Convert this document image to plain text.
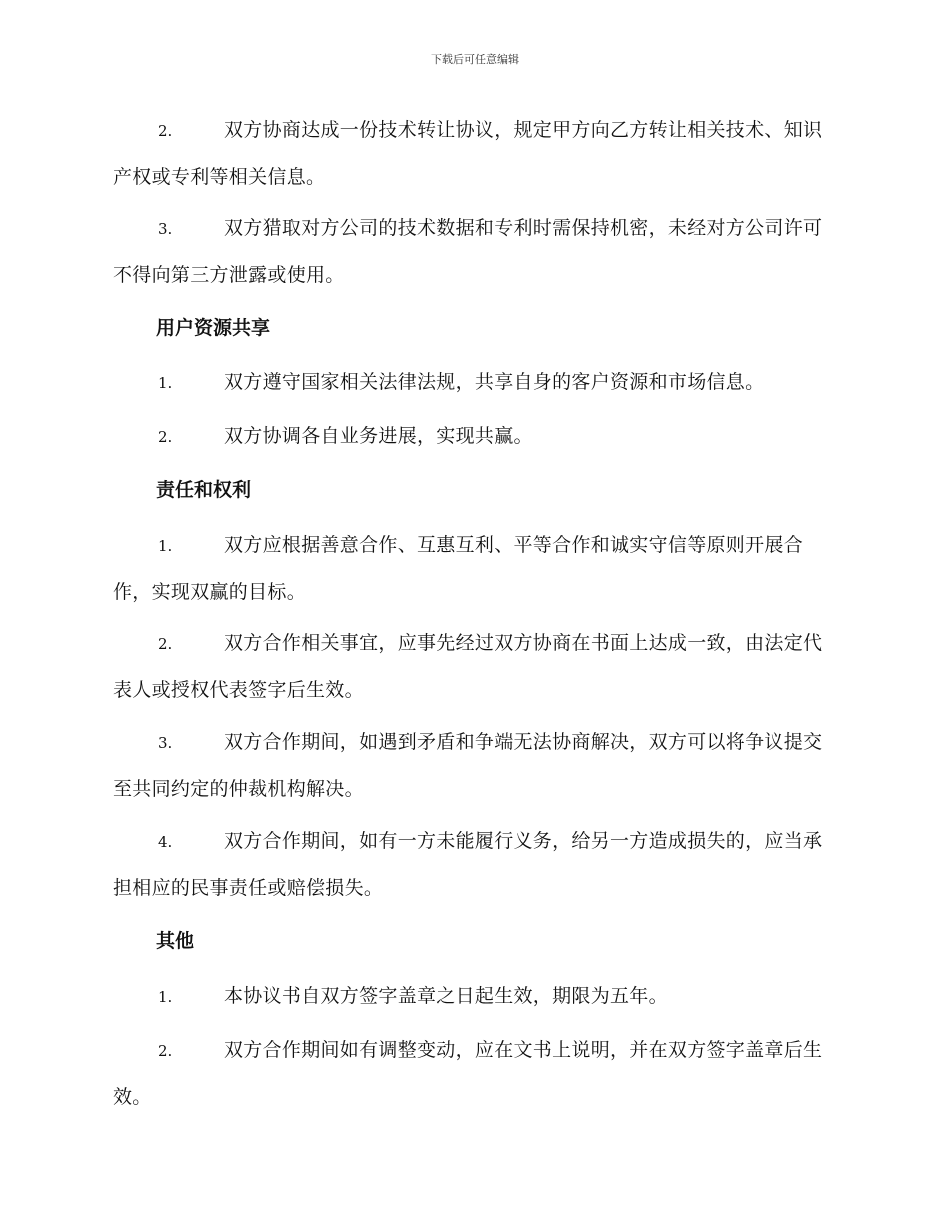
下载后可任意编辑

2.	双方协商达成一份技术转让协议，规定甲方向乙方转让相关技术、知识产权或专利等相关信息。

3.	双方猎取对方公司的技术数据和专利时需保持机密，未经对方公司许可不得向第三方泄露或使用。

用户资源共享

1.	双方遵守国家相关法律法规，共享自身的客户资源和市场信息。

2.	双方协调各自业务进展，实现共赢。

责任和权利

1.	双方应根据善意合作、互惠互利、平等合作和诚实守信等原则开展合作，实现双赢的目标。

2.	双方合作相关事宜，应事先经过双方协商在书面上达成一致，由法定代表人或授权代表签字后生效。

3.	双方合作期间，如遇到矛盾和争端无法协商解决，双方可以将争议提交至共同约定的仲裁机构解决。

4.	双方合作期间，如有一方未能履行义务，给另一方造成损失的，应当承担相应的民事责任或赔偿损失。

其他

1.	本协议书自双方签字盖章之日起生效，期限为五年。

2.	双方合作期间如有调整变动，应在文书上说明，并在双方签字盖章后生效。
